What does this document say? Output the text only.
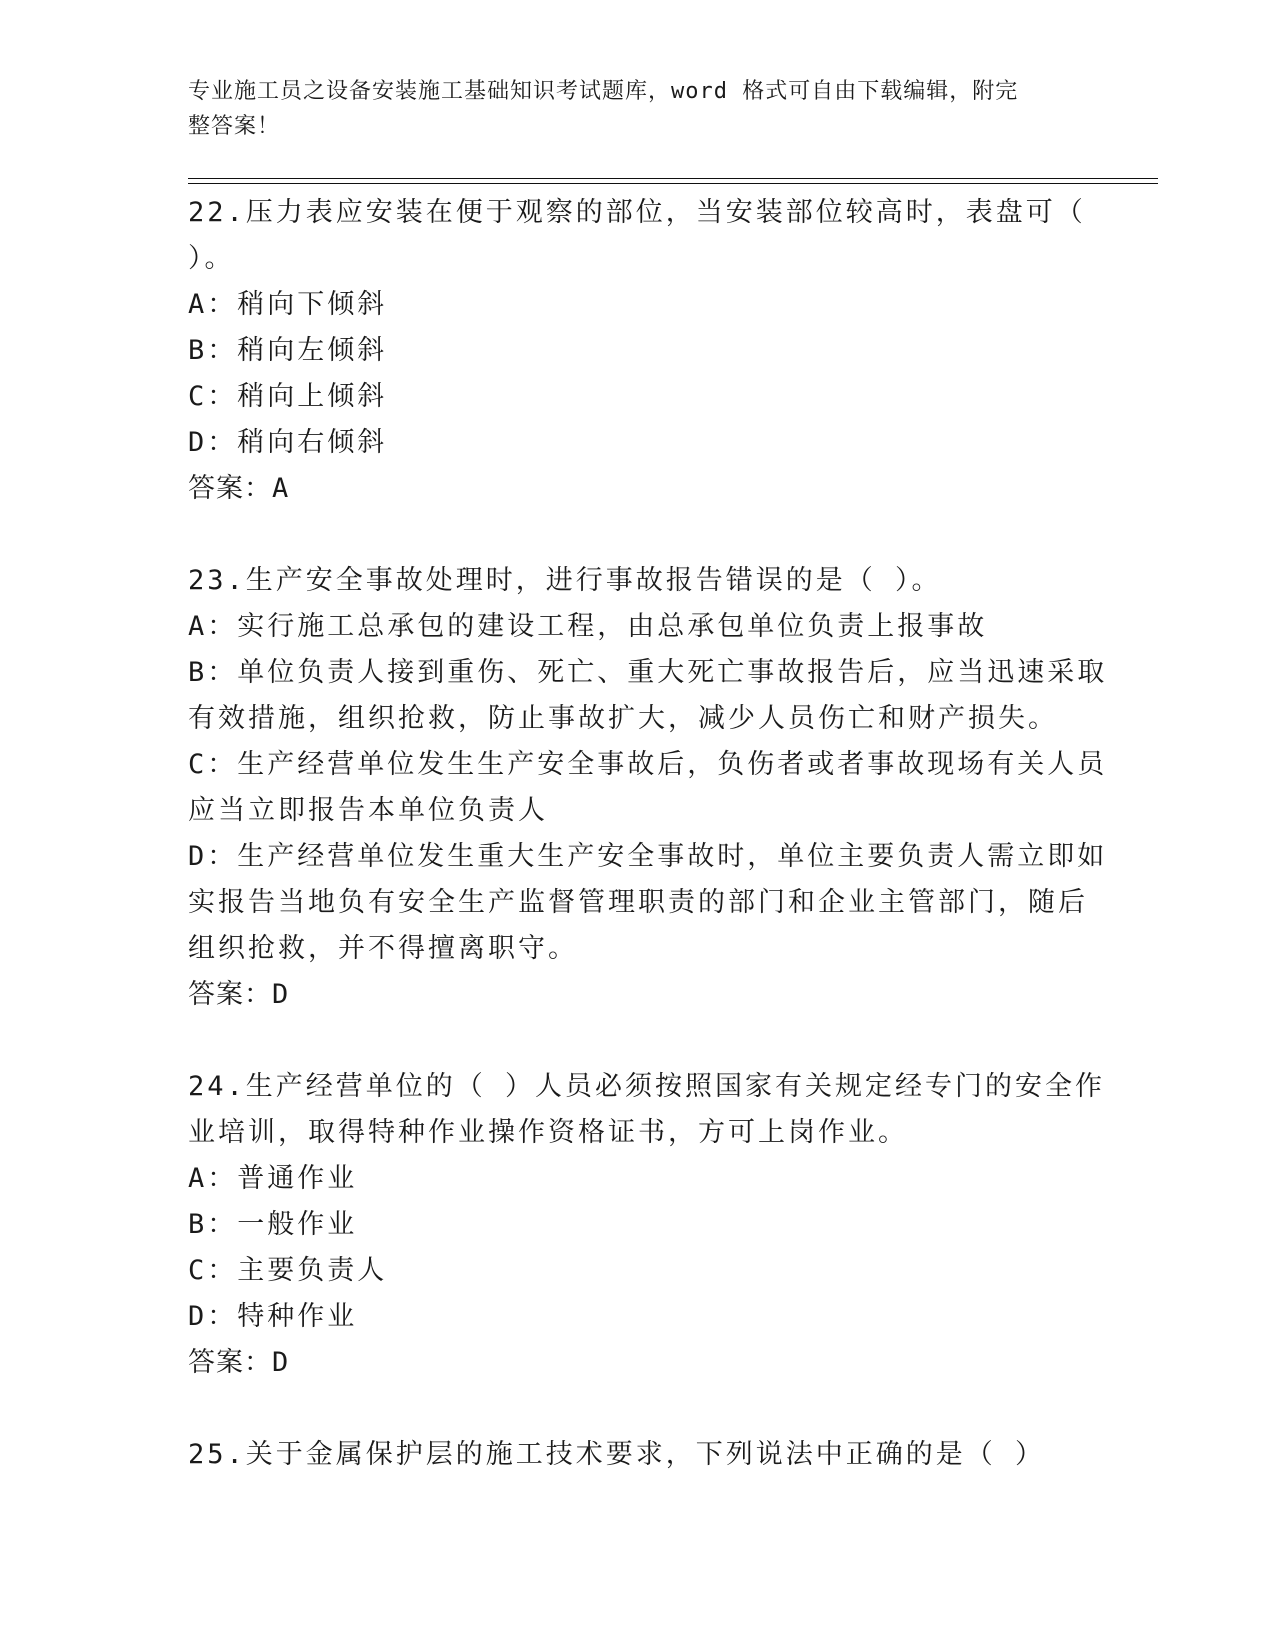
专业施工员之设备安装施工基础知识考试题库，word 格式可自由下载编辑，附完
整答案！
22.压力表应安装在便于观察的部位，当安装部位较高时，表盘可（
）。
A：稍向下倾斜
B：稍向左倾斜
C：稍向上倾斜
D：稍向右倾斜
答案：A
23.生产安全事故处理时，进行事故报告错误的是（ ）。
A：实行施工总承包的建设工程，由总承包单位负责上报事故
B：单位负责人接到重伤、死亡、重大死亡事故报告后，应当迅速采取
有效措施，组织抢救，防止事故扩大，减少人员伤亡和财产损失。
C：生产经营单位发生生产安全事故后，负伤者或者事故现场有关人员
应当立即报告本单位负责人
D：生产经营单位发生重大生产安全事故时，单位主要负责人需立即如
实报告当地负有安全生产监督管理职责的部门和企业主管部门，随后
组织抢救，并不得擅离职守。
答案：D
24.生产经营单位的（ ）人员必须按照国家有关规定经专门的安全作
业培训，取得特种作业操作资格证书，方可上岗作业。
A：普通作业
B：一般作业
C：主要负责人
D：特种作业
答案：D
25.关于金属保护层的施工技术要求，下列说法中正确的是（ ）
